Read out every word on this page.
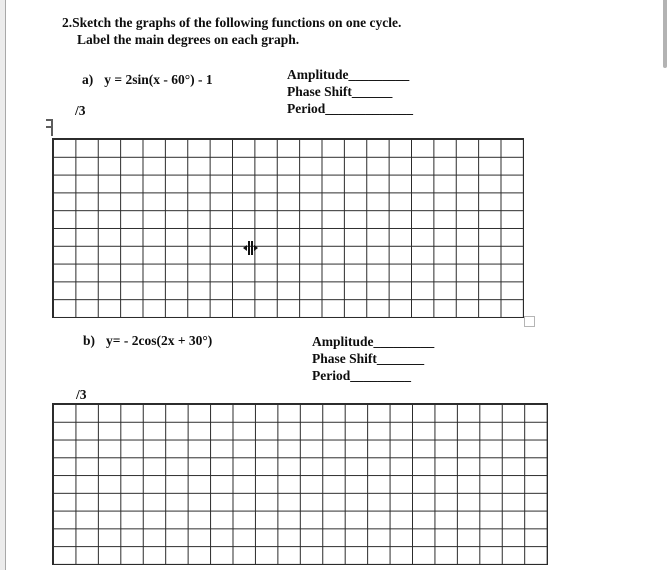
2.Sketch the graphs of the following functions on one cycle.
Label the main degrees on each graph.
a) y = 2sin(x - 60°) - 1	Amplitude_________
Phase Shift______
Period_____________
/3
b) y= - 2cos(2x + 30°)	Amplitude_________
Phase Shift_______
Period_________
/3
